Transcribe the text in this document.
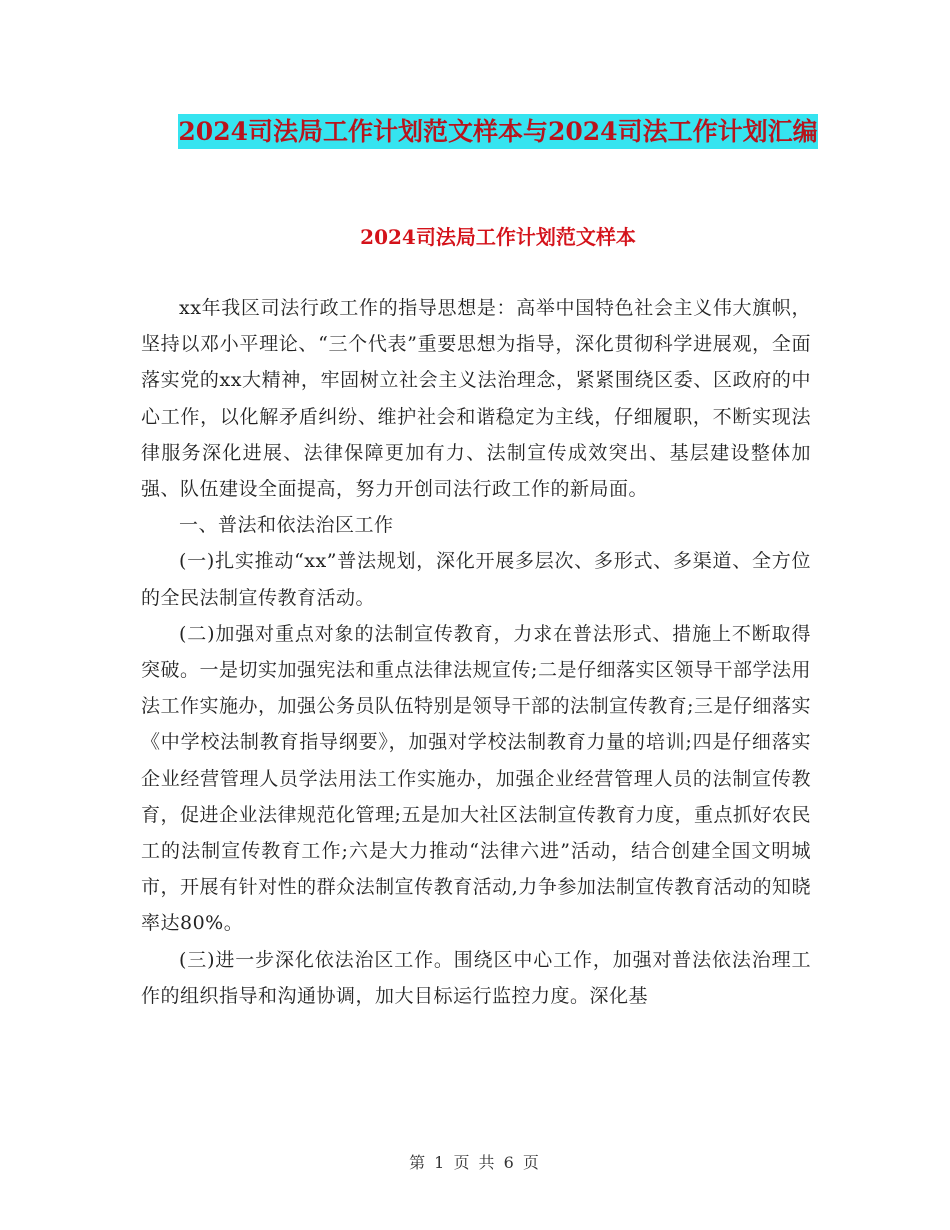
2024司法局工作计划范文样本与2024司法工作计划汇编
2024司法局工作计划范文样本

xx年我区司法行政工作的指导思想是：高举中国特色社会主义伟大旗帜，坚持以邓小平理论、“三个代表”重要思想为指导，深化贯彻科学进展观，全面落实党的xx大精神，牢固树立社会主义法治理念，紧紧围绕区委、区政府的中心工作，以化解矛盾纠纷、维护社会和谐稳定为主线，仔细履职，不断实现法律服务深化进展、法律保障更加有力、法制宣传成效突出、基层建设整体加强、队伍建设全面提高，努力开创司法行政工作的新局面。

一、普法和依法治区工作

(一)扎实推动“xx”普法规划，深化开展多层次、多形式、多渠道、全方位的全民法制宣传教育活动。

(二)加强对重点对象的法制宣传教育，力求在普法形式、措施上不断取得突破。一是切实加强宪法和重点法律法规宣传;二是仔细落实区领导干部学法用法工作实施办，加强公务员队伍特别是领导干部的法制宣传教育;三是仔细落实《中学校法制教育指导纲要》，加强对学校法制教育力量的培训;四是仔细落实企业经营管理人员学法用法工作实施办，加强企业经营管理人员的法制宣传教育，促进企业法律规范化管理;五是加大社区法制宣传教育力度，重点抓好农民工的法制宣传教育工作;六是大力推动“法律六进”活动，结合创建全国文明城市，开展有针对性的群众法制宣传教育活动,力争参加法制宣传教育活动的知晓率达80%。

(三)进一步深化依法治区工作。围绕区中心工作，加强对普法依法治理工作的组织指导和沟通协调，加大目标运行监控力度。深化基

第 1 页 共 6 页
